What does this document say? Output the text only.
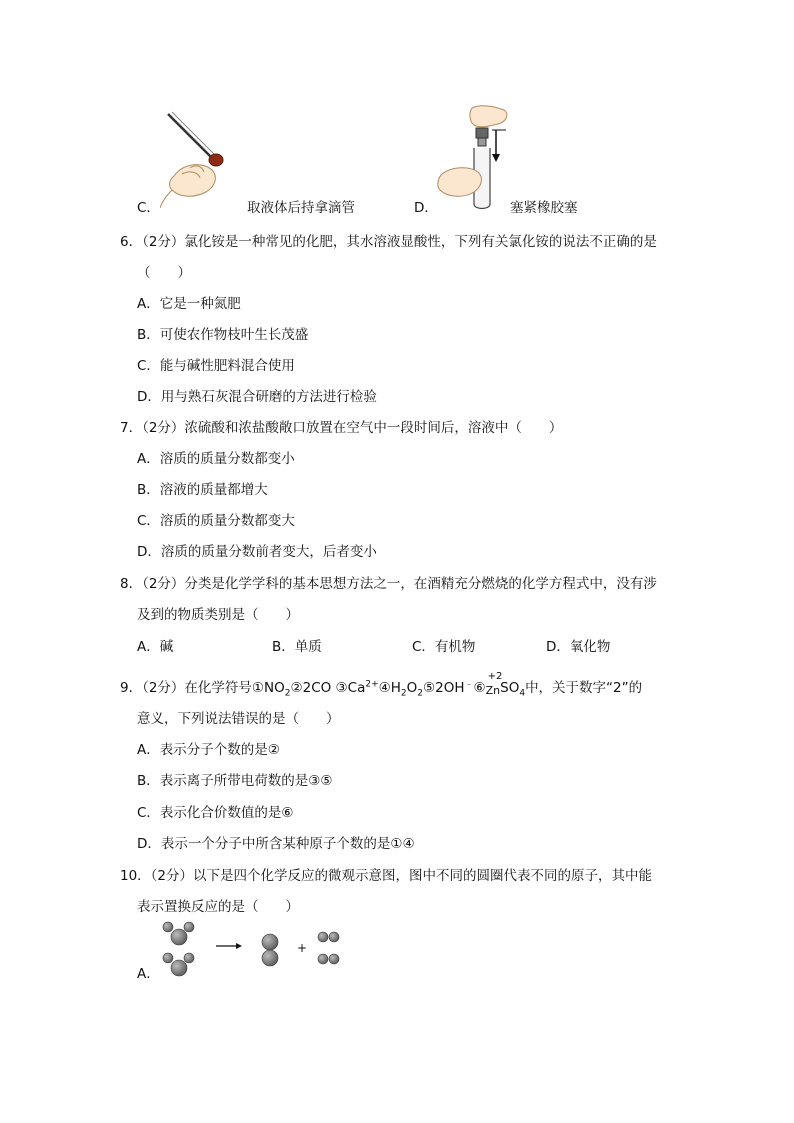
C．	取液体后持拿滴管	D．	塞紧橡胶塞
6．（2分）氯化铵是一种常见的化肥，其水溶液显酸性，下列有关氯化铵的说法不正确的是
（　　）
A．它是一种氮肥
B．可使农作物枝叶生长茂盛
C．能与碱性肥料混合使用
D．用与熟石灰混合研磨的方法进行检验
7．（2分）浓硫酸和浓盐酸敞口放置在空气中一段时间后，溶液中（　　）
A．溶质的质量分数都变小
B．溶液的质量都增大
C．溶质的质量分数都变大
D．溶质的质量分数前者变大，后者变小
8．（2分）分类是化学学科的基本思想方法之一，在酒精充分燃烧的化学方程式中，没有涉
及到的物质类别是（　　）
A．碱	B．单质	C．有机物	D．氧化物
9．（2分）在化学符号$①NO_2②2CO$ $③Ca^{2+}④H_2O_2⑤2OH^﹣⑥$
+2
ZnSO$_4$中，关于数字“2”的
意义，下列说法错误的是（　　）
A．表示分子个数的是②
B．表示离子所带电荷数的是③⑤
C．表示化合价数值的是⑥
D．表示一个分子中所含某种原子个数的是①④
10．（2分）以下是四个化学反应的微观示意图，图中不同的圆圈代表不同的原子，其中能
表示置换反应的是（　　）
A．
+
